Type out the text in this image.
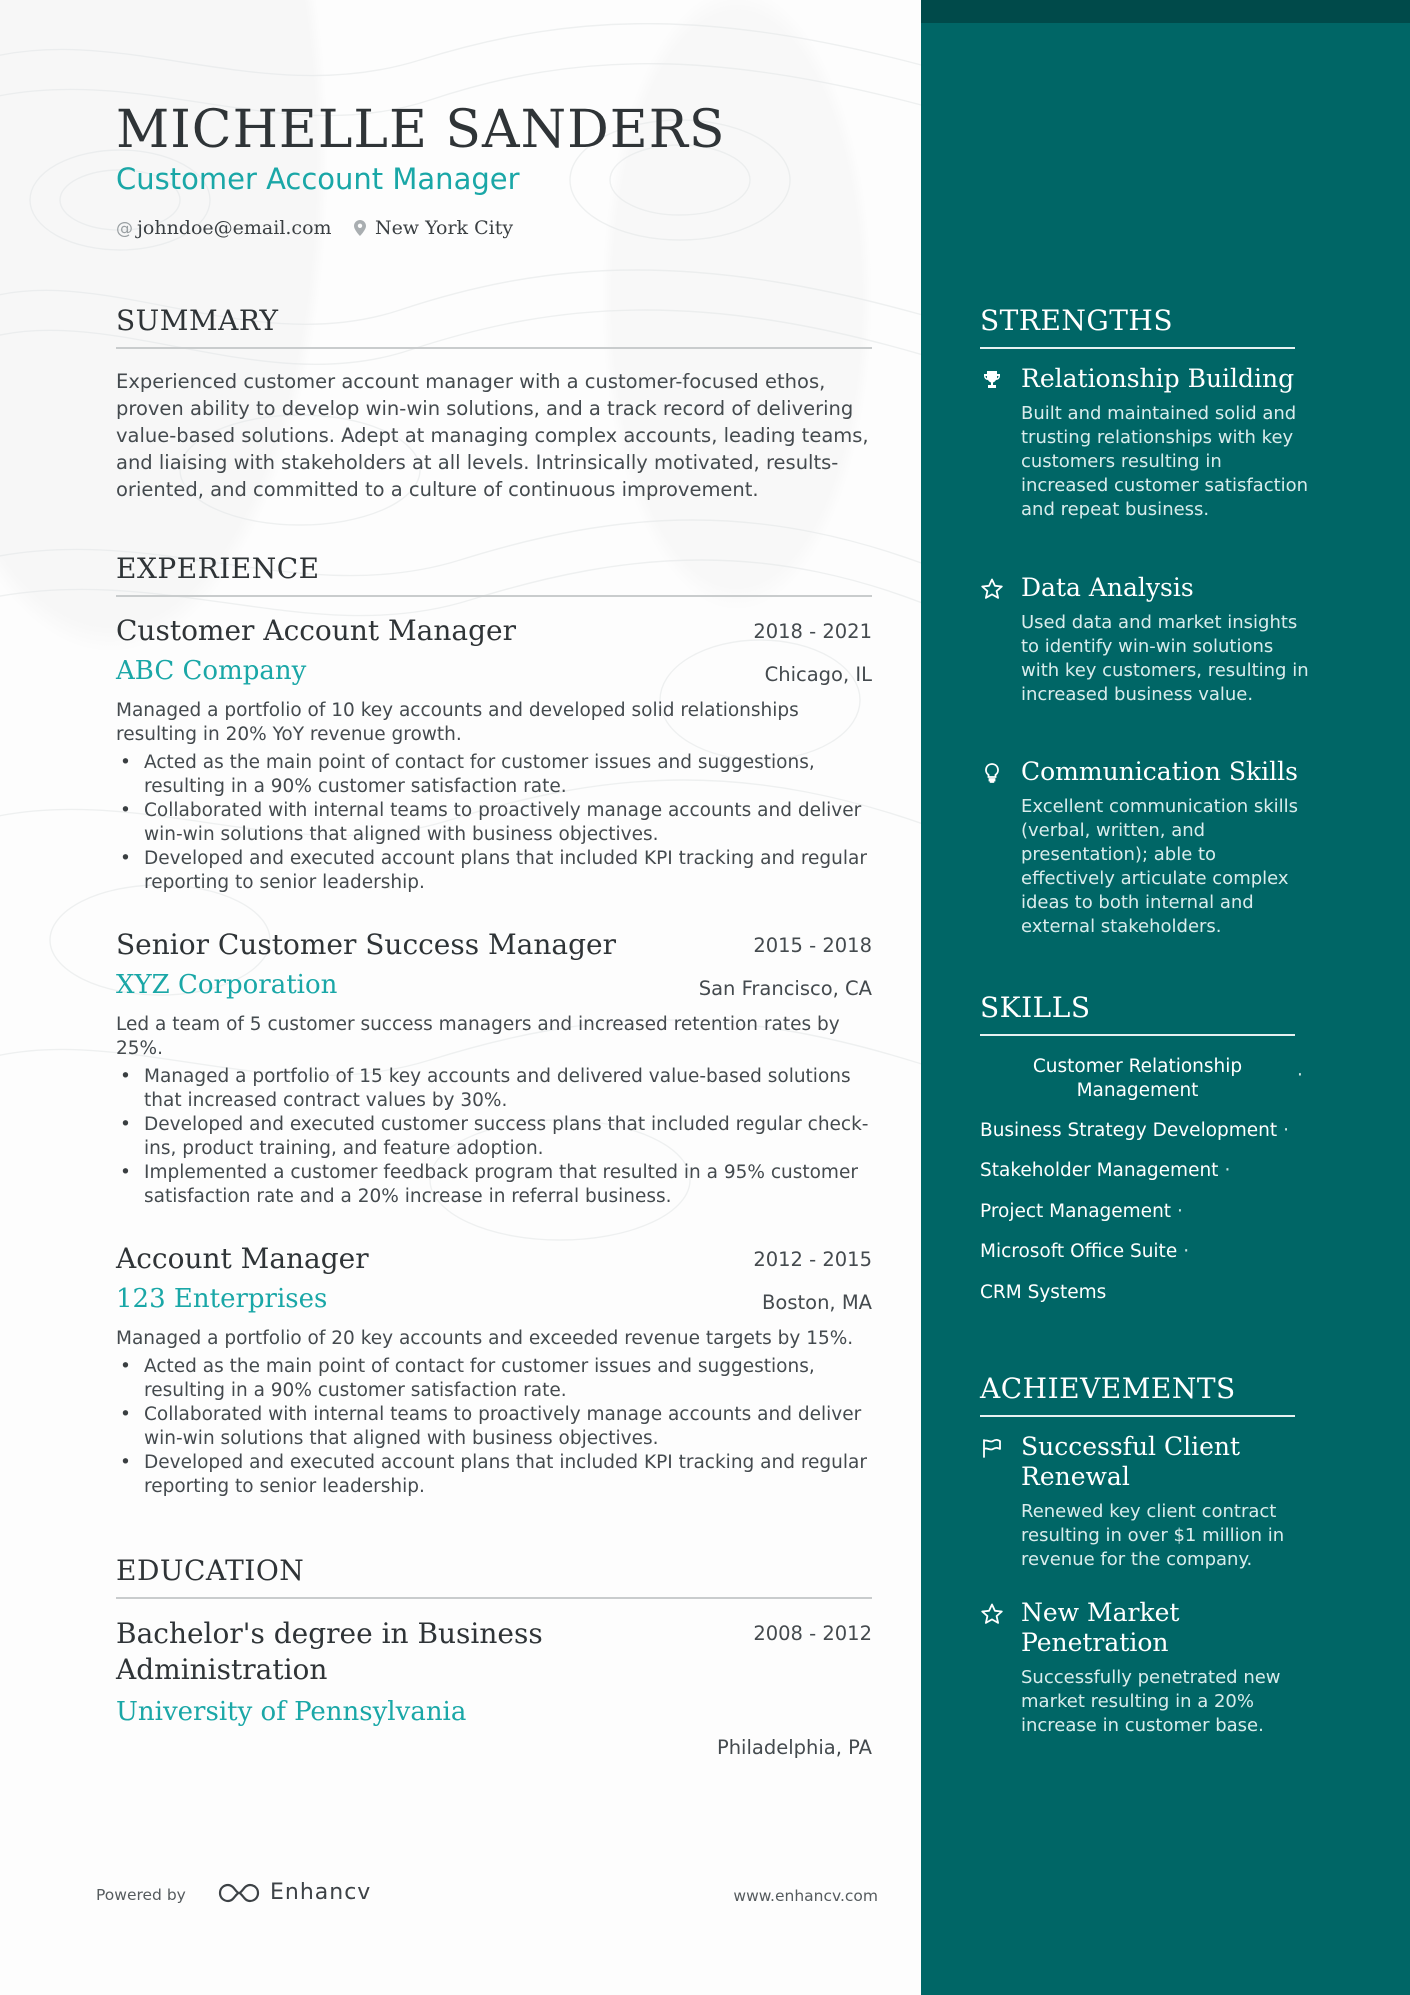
MICHELLE SANDERS
Customer Account Manager
@ johndoe@email.com	New York City
SUMMARY

Experienced customer account manager with a customer-focused ethos, proven ability to develop win-win solutions, and a track record of delivering value-based solutions. Adept at managing complex accounts, leading teams, and liaising with stakeholders at all levels. Intrinsically motivated, results-oriented, and committed to a culture of continuous improvement.

EXPERIENCE
Customer Account Manager	2018 - 2021
ABC Company	Chicago, IL
Managed a portfolio of 10 key accounts and developed solid relationships resulting in 20% YoY revenue growth.
• Acted as the main point of contact for customer issues and suggestions, resulting in a 90% customer satisfaction rate.
• Collaborated with internal teams to proactively manage accounts and deliver win-win solutions that aligned with business objectives.
• Developed and executed account plans that included KPI tracking and regular reporting to senior leadership.
Senior Customer Success Manager	2015 - 2018
XYZ Corporation	San Francisco, CA
Led a team of 5 customer success managers and increased retention rates by 25%.
• Managed a portfolio of 15 key accounts and delivered value-based solutions that increased contract values by 30%.
• Developed and executed customer success plans that included regular check-ins, product training, and feature adoption.
• Implemented a customer feedback program that resulted in a 95% customer satisfaction rate and a 20% increase in referral business.
Account Manager	2012 - 2015
123 Enterprises	Boston, MA
Managed a portfolio of 20 key accounts and exceeded revenue targets by 15%.
• Acted as the main point of contact for customer issues and suggestions, resulting in a 90% customer satisfaction rate.
• Collaborated with internal teams to proactively manage accounts and deliver win-win solutions that aligned with business objectives.
• Developed and executed account plans that included KPI tracking and regular reporting to senior leadership.
EDUCATION
Bachelor's degree in Business Administration
2008 - 2012
University of Pennsylvania
Philadelphia, PA
Powered by	Enhancv	www.enhancv.com
STRENGTHS
Relationship Building
Built and maintained solid and trusting relationships with key customers resulting in increased customer satisfaction and repeat business.
Data Analysis
Used data and market insights to identify win-win solutions with key customers, resulting in increased business value.
Communication Skills
Excellent communication skills (verbal, written, and presentation); able to effectively articulate complex ideas to both internal and external stakeholders.
SKILLS
Customer Relationship Management
·
Business Strategy Development ·
Stakeholder Management ·
Project Management ·
Microsoft Office Suite ·
CRM Systems
ACHIEVEMENTS
Successful Client Renewal
Renewed key client contract resulting in over $1 million in revenue for the company.
New Market Penetration
Successfully penetrated new market resulting in a 20% increase in customer base.
